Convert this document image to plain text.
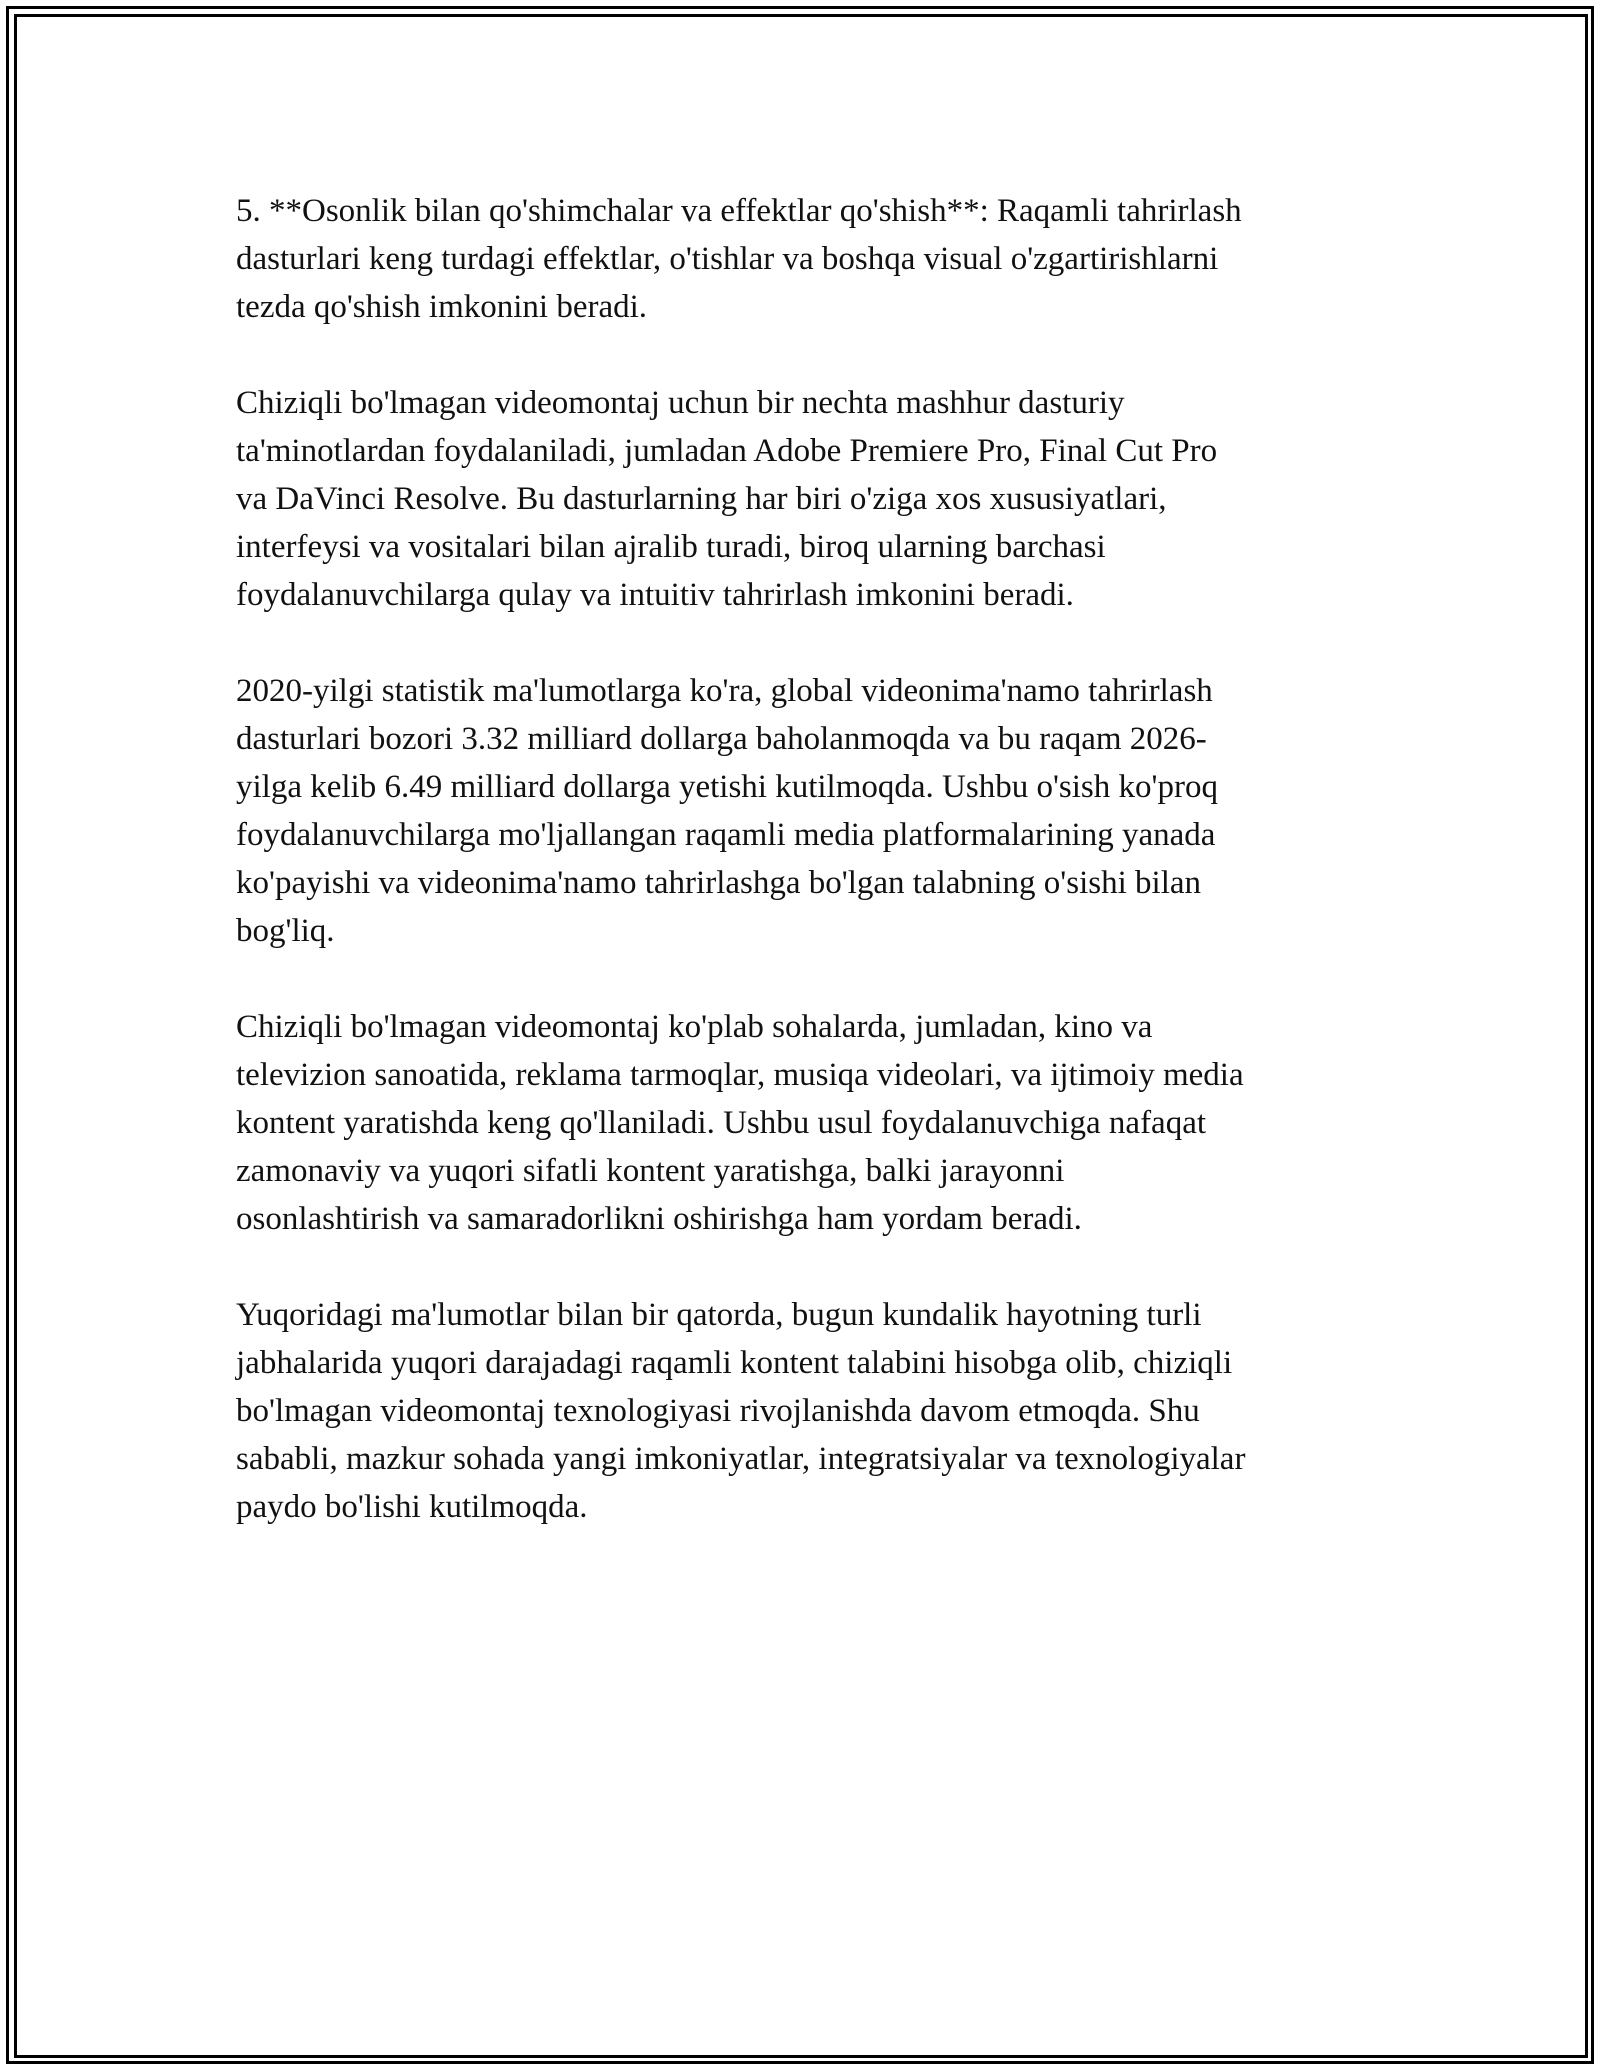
5. **Osonlik bilan qo'shimchalar va effektlar qo'shish**: Raqamli tahrirlash
dasturlari keng turdagi effektlar, o'tishlar va boshqa visual o'zgartirishlarni
tezda qo'shish imkonini beradi.

Chiziqli bo'lmagan videomontaj uchun bir nechta mashhur dasturiy
ta'minotlardan foydalaniladi, jumladan Adobe Premiere Pro, Final Cut Pro
va DaVinci Resolve. Bu dasturlarning har biri o'ziga xos xususiyatlari,
interfeysi va vositalari bilan ajralib turadi, biroq ularning barchasi
foydalanuvchilarga qulay va intuitiv tahrirlash imkonini beradi.

2020-yilgi statistik ma'lumotlarga ko'ra, global videonima'namo tahrirlash
dasturlari bozori 3.32 milliard dollarga baholanmoqda va bu raqam 2026-
yilga kelib 6.49 milliard dollarga yetishi kutilmoqda. Ushbu o'sish ko'proq
foydalanuvchilarga mo'ljallangan raqamli media platformalarining yanada
ko'payishi va videonima'namo tahrirlashga bo'lgan talabning o'sishi bilan
bog'liq.

Chiziqli bo'lmagan videomontaj ko'plab sohalarda, jumladan, kino va
televizion sanoatida, reklama tarmoqlar, musiqa videolari, va ijtimoiy media
kontent yaratishda keng qo'llaniladi. Ushbu usul foydalanuvchiga nafaqat
zamonaviy va yuqori sifatli kontent yaratishga, balki jarayonni
osonlashtirish va samaradorlikni oshirishga ham yordam beradi.

Yuqoridagi ma'lumotlar bilan bir qatorda, bugun kundalik hayotning turli
jabhalarida yuqori darajadagi raqamli kontent talabini hisobga olib, chiziqli
bo'lmagan videomontaj texnologiyasi rivojlanishda davom etmoqda. Shu
sababli, mazkur sohada yangi imkoniyatlar, integratsiyalar va texnologiyalar
paydo bo'lishi kutilmoqda.
